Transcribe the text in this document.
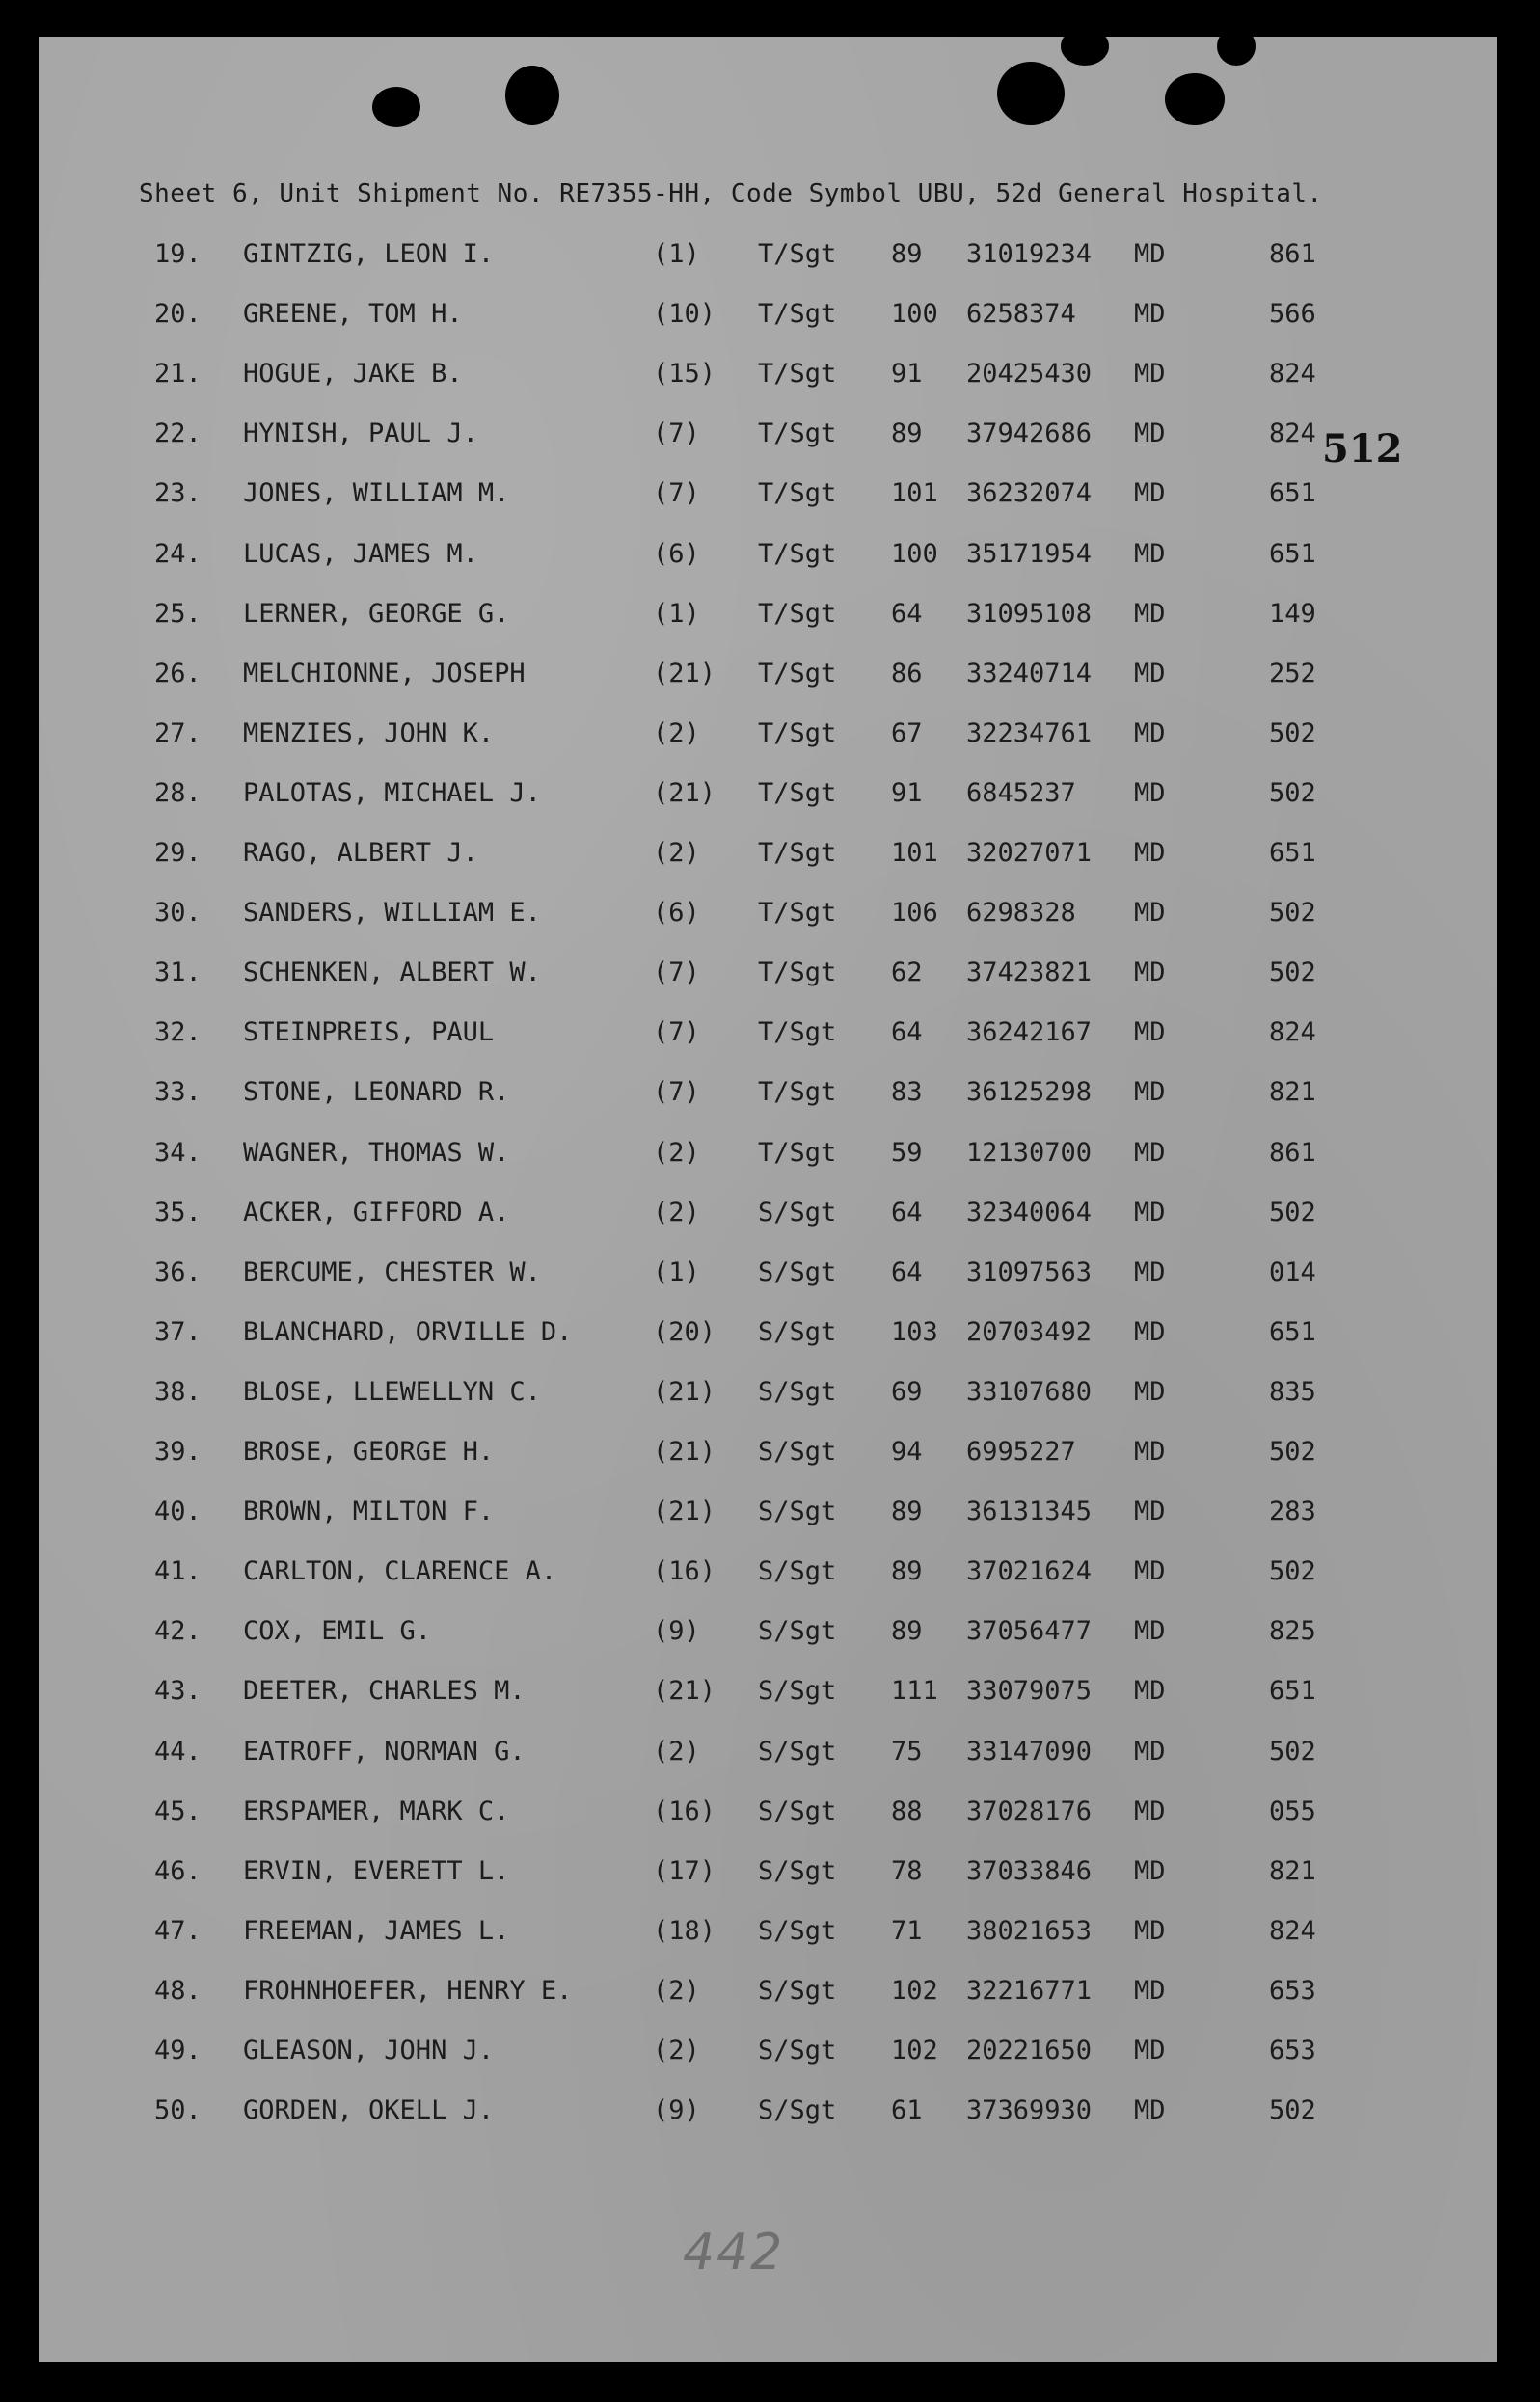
Sheet 6, Unit Shipment No. RE7355-HH, Code Symbol UBU, 52d General Hospital.
512
19. GINTZIG, LEON I.	(1) T/Sgt 89 31019234 MD	861
20. GREENE, TOM H.	(10) T/Sgt 100 6258374 MD	566
21. HOGUE, JAKE B.	(15) T/Sgt 91 20425430 MD	824
22. HYNISH, PAUL J.	(7) T/Sgt 89 37942686 MD	824
23. JONES, WILLIAM M.	(7) T/Sgt 101 36232074 MD	651
24. LUCAS, JAMES M.	(6) T/Sgt 100 35171954 MD	651
25. LERNER, GEORGE G.	(1) T/Sgt 64 31095108 MD	149
26. MELCHIONNE, JOSEPH	(21) T/Sgt 86 33240714 MD	252
27. MENZIES, JOHN K.	(2) T/Sgt 67 32234761 MD	502
28. PALOTAS, MICHAEL J.	(21) T/Sgt 91 6845237 MD	502
29. RAGO, ALBERT J.	(2) T/Sgt 101 32027071 MD	651
30. SANDERS, WILLIAM E.	(6) T/Sgt 106 6298328 MD	502
31. SCHENKEN, ALBERT W.	(7) T/Sgt 62 37423821 MD	502
32. STEINPREIS, PAUL	(7) T/Sgt 64 36242167 MD	824
33. STONE, LEONARD R.	(7) T/Sgt 83 36125298 MD	821
34. WAGNER, THOMAS W.	(2) T/Sgt 59 12130700 MD	861
35. ACKER, GIFFORD A.	(2) S/Sgt 64 32340064 MD	502
36. BERCUME, CHESTER W.	(1) S/Sgt 64 31097563 MD	014
37. BLANCHARD, ORVILLE D.	(20) S/Sgt 103 20703492 MD	651
38. BLOSE, LLEWELLYN C.	(21) S/Sgt 69 33107680 MD	835
39. BROSE, GEORGE H.	(21) S/Sgt 94 6995227 MD	502
40. BROWN, MILTON F.	(21) S/Sgt 89 36131345 MD	283
41. CARLTON, CLARENCE A.	(16) S/Sgt 89 37021624 MD	502
42. COX, EMIL G.	(9) S/Sgt 89 37056477 MD	825
43. DEETER, CHARLES M.	(21) S/Sgt 111 33079075 MD	651
44. EATROFF, NORMAN G.	(2) S/Sgt 75 33147090 MD	502
45. ERSPAMER, MARK C.	(16) S/Sgt 88 37028176 MD	055
46. ERVIN, EVERETT L.	(17) S/Sgt 78 37033846 MD	821
47. FREEMAN, JAMES L.	(18) S/Sgt 71 38021653 MD	824
48. FROHNHOEFER, HENRY E.	(2) S/Sgt 102 32216771 MD	653
49. GLEASON, JOHN J.	(2) S/Sgt 102 20221650 MD	653
50. GORDEN, OKELL J.	(9) S/Sgt 61 37369930 MD	502
442
